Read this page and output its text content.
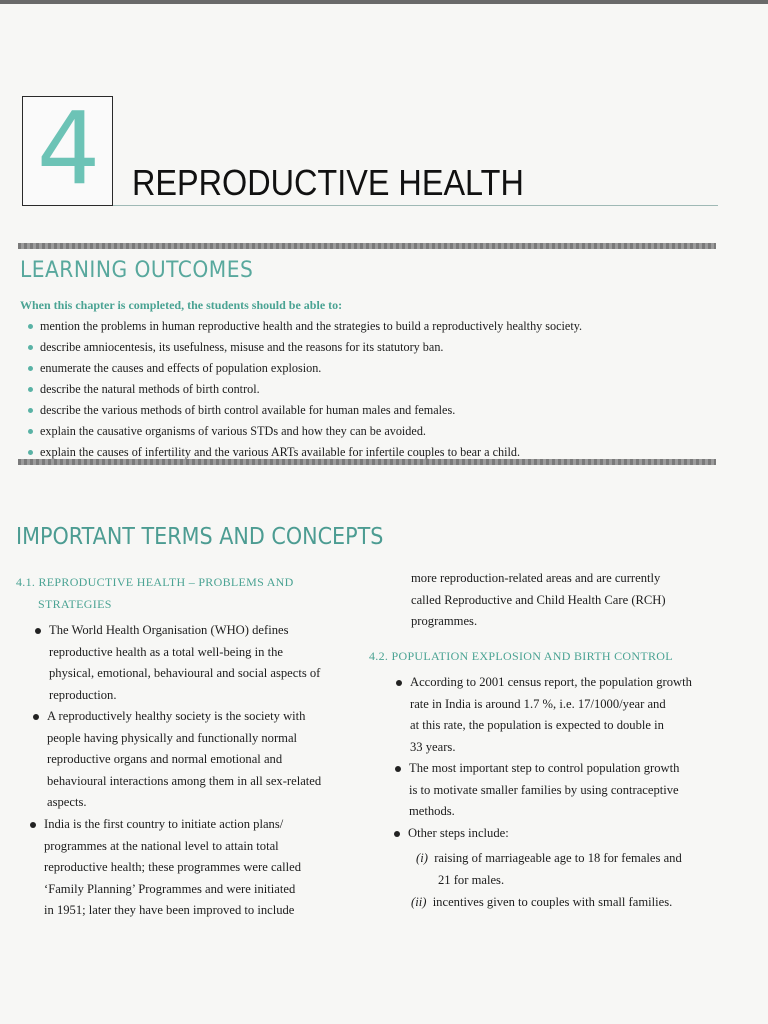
4 REPRODUCTIVE HEALTH
LEARNING OUTCOMES
When this chapter is completed, the students should be able to:
mention the problems in human reproductive health and the strategies to build a reproductively healthy society.
describe amniocentesis, its usefulness, misuse and the reasons for its statutory ban.
enumerate the causes and effects of population explosion.
describe the natural methods of birth control.
describe the various methods of birth control available for human males and females.
explain the causative organisms of various STDs and how they can be avoided.
explain the causes of infertility and the various ARTs available for infertile couples to bear a child.
IMPORTANT TERMS AND CONCEPTS
4.1. REPRODUCTIVE HEALTH – PROBLEMS AND
STRATEGIES
The World Health Organisation (WHO) defines
reproductive health as a total well-being in the
physical, emotional, behavioural and social aspects of
reproduction.
A reproductively healthy society is the society with
people having physically and functionally normal
reproductive organs and normal emotional and
behavioural interactions among them in all sex-related
aspects.
India is the first country to initiate action plans/
programmes at the national level to attain total
reproductive health; these programmes were called
‘Family Planning’ Programmes and were initiated
in 1951; later they have been improved to include
more reproduction-related areas and are currently
called Reproductive and Child Health Care (RCH)
programmes.
4.2. POPULATION EXPLOSION AND BIRTH CONTROL
According to 2001 census report, the population growth
rate in India is around 1.7 %, i.e. 17/1000/year and
at this rate, the population is expected to double in
33 years.
The most important step to control population growth
is to motivate smaller families by using contraceptive
methods.
Other steps include:
(i) raising of marriageable age to 18 for females and
21 for males.
(ii) incentives given to couples with small families.
